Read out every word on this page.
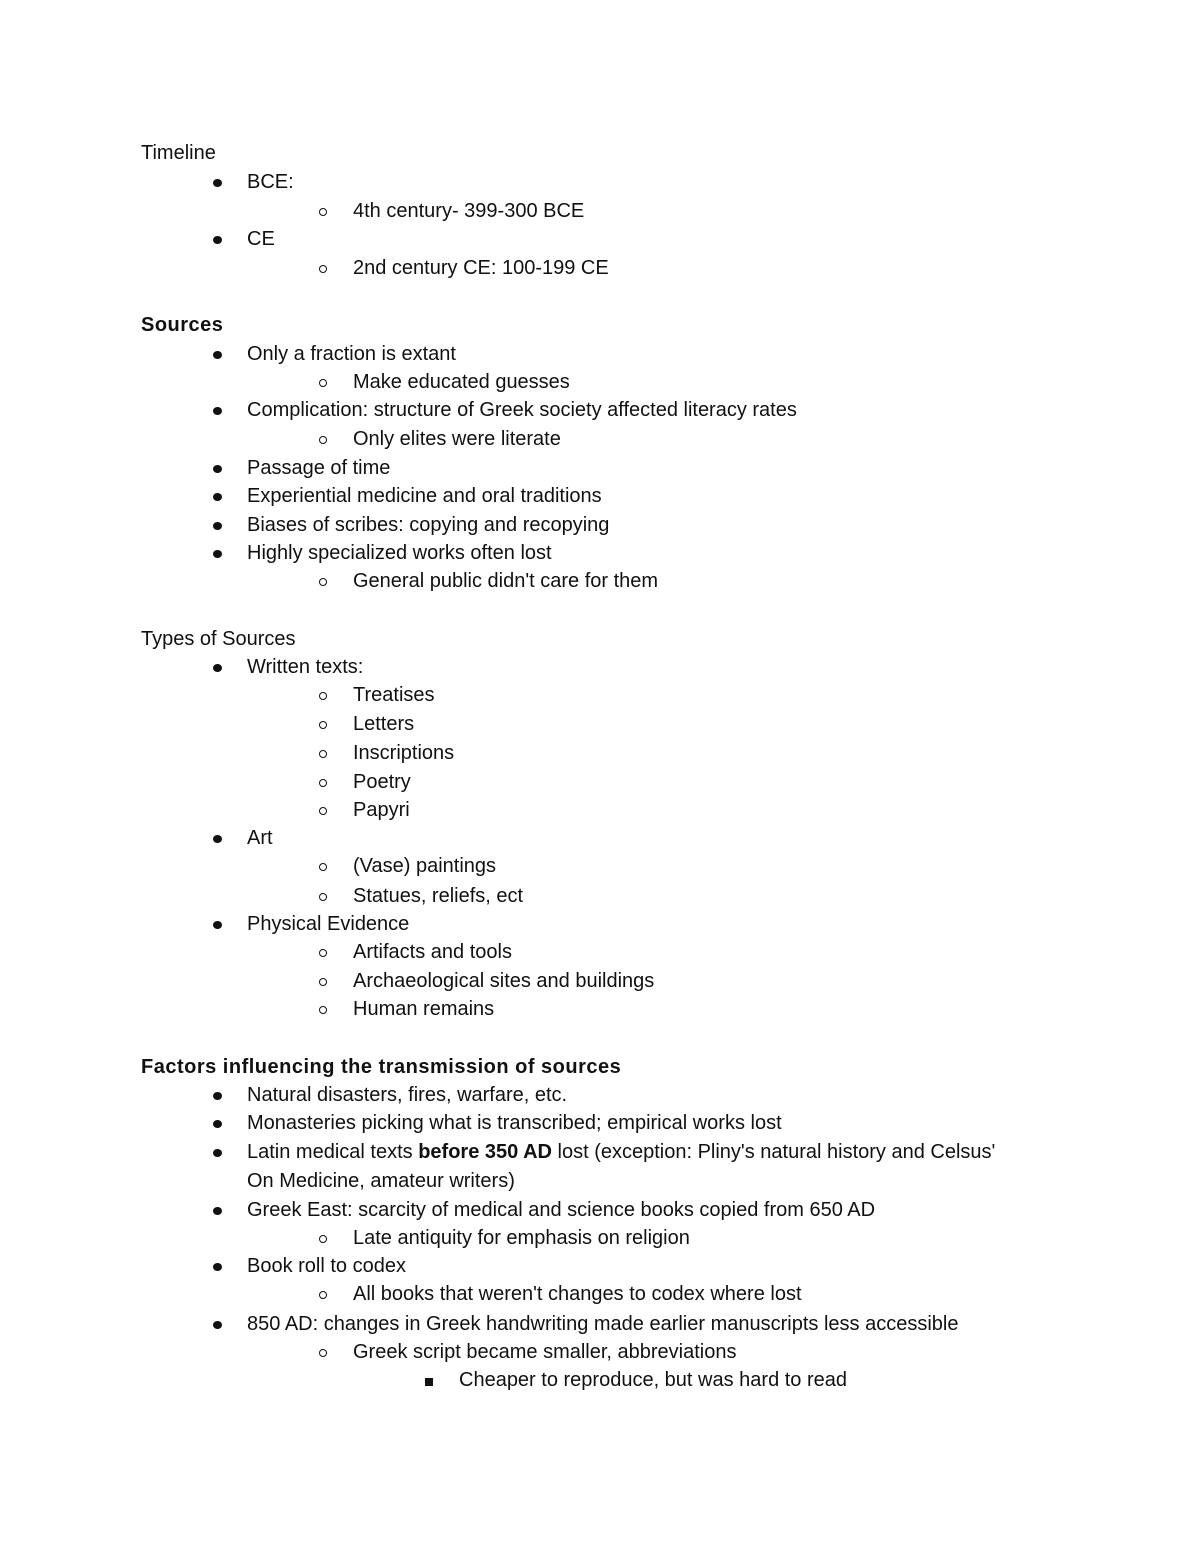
Timeline
BCE:
4th century- 399-300 BCE
CE
2nd century CE: 100-199 CE
Sources
Only a fraction is extant
Make educated guesses
Complication: structure of Greek society affected literacy rates
Only elites were literate
Passage of time
Experiential medicine and oral traditions
Biases of scribes: copying and recopying
Highly specialized works often lost
General public didn't care for them
Types of Sources
Written texts:
Treatises
Letters
Inscriptions
Poetry
Papyri
Art
(Vase) paintings
Statues, reliefs, ect
Physical Evidence
Artifacts and tools
Archaeological sites and buildings
Human remains
Factors influencing the transmission of sources
Natural disasters, fires, warfare, etc.
Monasteries picking what is transcribed; empirical works lost
Latin medical texts before 350 AD lost (exception: Pliny's natural history and Celsus'
On Medicine, amateur writers)
Greek East: scarcity of medical and science books copied from 650 AD
Late antiquity for emphasis on religion
Book roll to codex
All books that weren't changes to codex where lost
850 AD: changes in Greek handwriting made earlier manuscripts less accessible
Greek script became smaller, abbreviations
Cheaper to reproduce, but was hard to read
